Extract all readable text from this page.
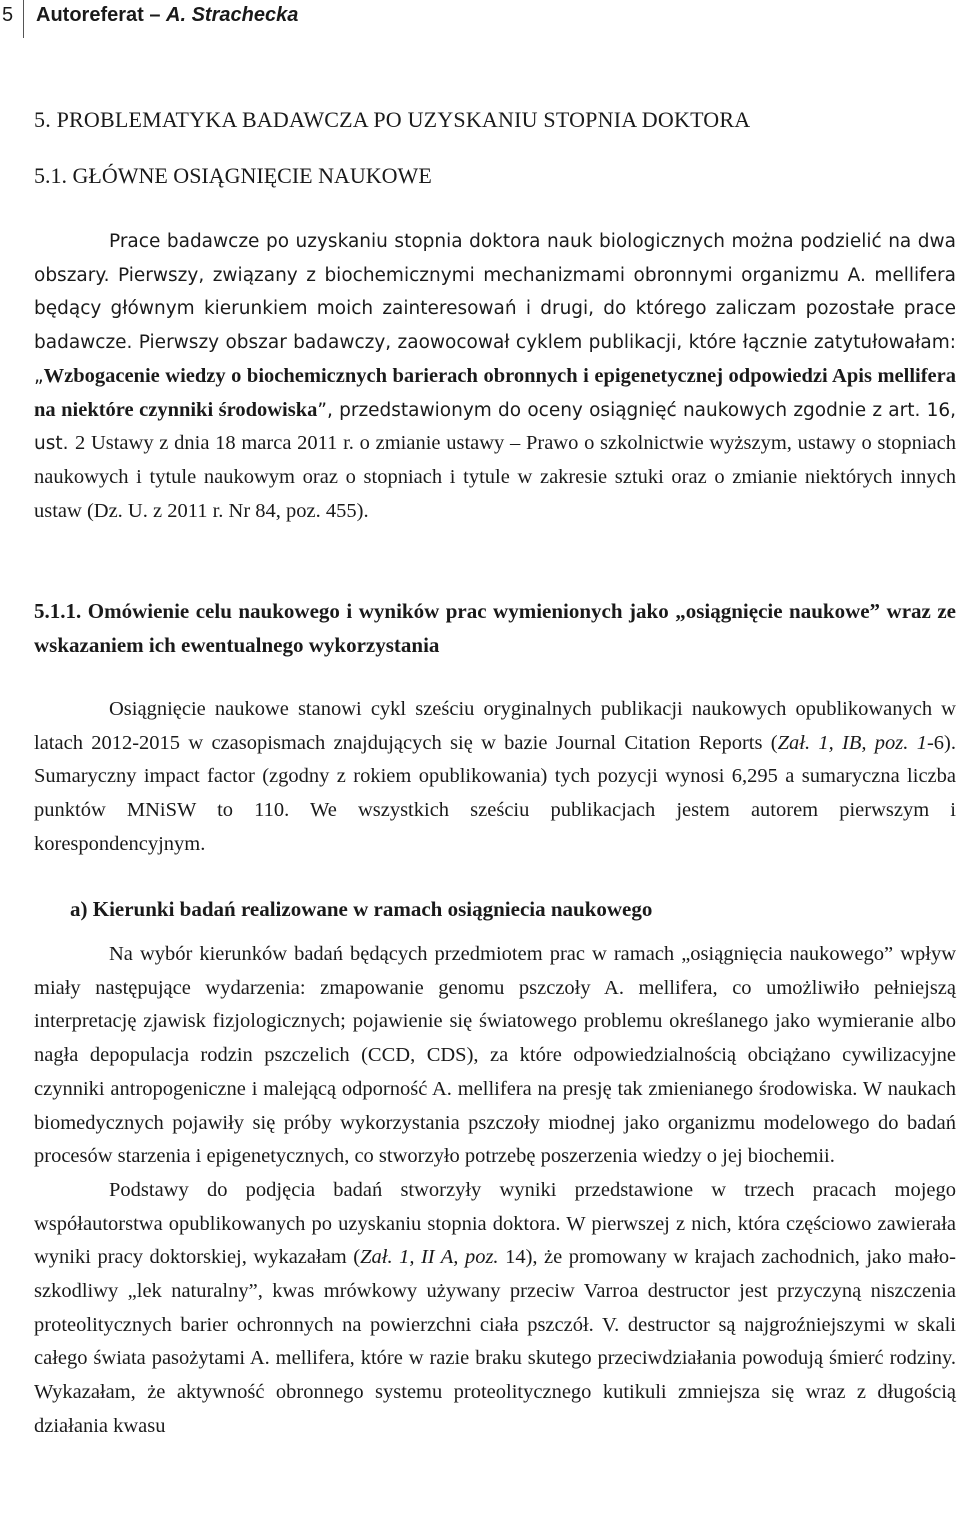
5 Autoreferat – A. Strachecka
5. PROBLEMATYKA BADAWCZA PO UZYSKANIU STOPNIA DOKTORA
5.1. GŁÓWNE OSIĄGNIĘCIE NAUKOWE

Prace badawcze po uzyskaniu stopnia doktora nauk biologicznych można podzielić na dwa obszary. Pierwszy, związany z biochemicznymi mechanizmami obronnymi organizmu A. mellifera będący głównym kierunkiem moich zainteresowań i drugi, do którego zaliczam pozostałe prace badawcze. Pierwszy obszar badawczy, zaowocował cyklem publikacji, które łącznie zatytułowałam: „Wzbogacenie wiedzy o biochemicznych barierach obronnych i epigenetycznej odpowiedzi Apis mellifera na niektóre czynniki środowiska”, przedstawionym do oceny osiągnięć naukowych zgodnie z art. 16, ust. 2 Ustawy z dnia 18 marca 2011 r. o zmianie ustawy – Prawo o szkolnictwie wyższym, ustawy o stopniach naukowych i tytule naukowym oraz o stopniach i tytule w zakresie sztuki oraz o zmianie niektórych innych ustaw (Dz. U. z 2011 r. Nr 84, poz. 455).

5.1.1. Omówienie celu naukowego i wyników prac wymienionych jako „osiągnięcie naukowe” wraz ze wskazaniem ich ewentualnego wykorzystania

Osiągnięcie naukowe stanowi cykl sześciu oryginalnych publikacji naukowych opublikowanych w latach 2012-2015 w czasopismach znajdujących się w bazie Journal Citation Reports (Zał. 1, IB, poz. 1-6). Sumaryczny impact factor (zgodny z rokiem opublikowania) tych pozycji wynosi 6,295 a sumaryczna liczba punktów MNiSW to 110. We wszystkich sześciu publikacjach jestem autorem pierwszym i korespondencyjnym.

a) Kierunki badań realizowane w ramach osiągniecia naukowego

Na wybór kierunków badań będących przedmiotem prac w ramach „osiągnięcia naukowego” wpływ miały następujące wydarzenia: zmapowanie genomu pszczoły A. mellifera, co umożliwiło pełniejszą interpretację zjawisk fizjologicznych; pojawienie się światowego problemu określanego jako wymieranie albo nagła depopulacja rodzin pszczelich (CCD, CDS), za które odpowiedzialnością obciążano cywilizacyjne czynniki antropogeniczne i malejącą odporność A. mellifera na presję tak zmienianego środowiska. W naukach biomedycznych pojawiły się próby wykorzystania pszczoły miodnej jako organizmu modelowego do badań procesów starzenia i epigenetycznych, co stworzyło potrzebę poszerzenia wiedzy o jej biochemii.

Podstawy do podjęcia badań stworzyły wyniki przedstawione w trzech pracach mojego współautorstwa opublikowanych po uzyskaniu stopnia doktora. W pierwszej z nich, która częściowo zawierała wyniki pracy doktorskiej, wykazałam (Zał. 1, II A, poz. 14), że promowany w krajach zachodnich, jako mało-szkodliwy „lek naturalny”, kwas mrówkowy używany przeciw Varroa destructor jest przyczyną niszczenia proteolitycznych barier ochronnych na powierzchni ciała pszczół. V. destructor są najgroźniejszymi w skali całego świata pasożytami A. mellifera, które w razie braku skutego przeciwdziałania powodują śmierć rodziny. Wykazałam, że aktywność obronnego systemu proteolitycznego kutikuli zmniejsza się wraz z długością działania kwasu
